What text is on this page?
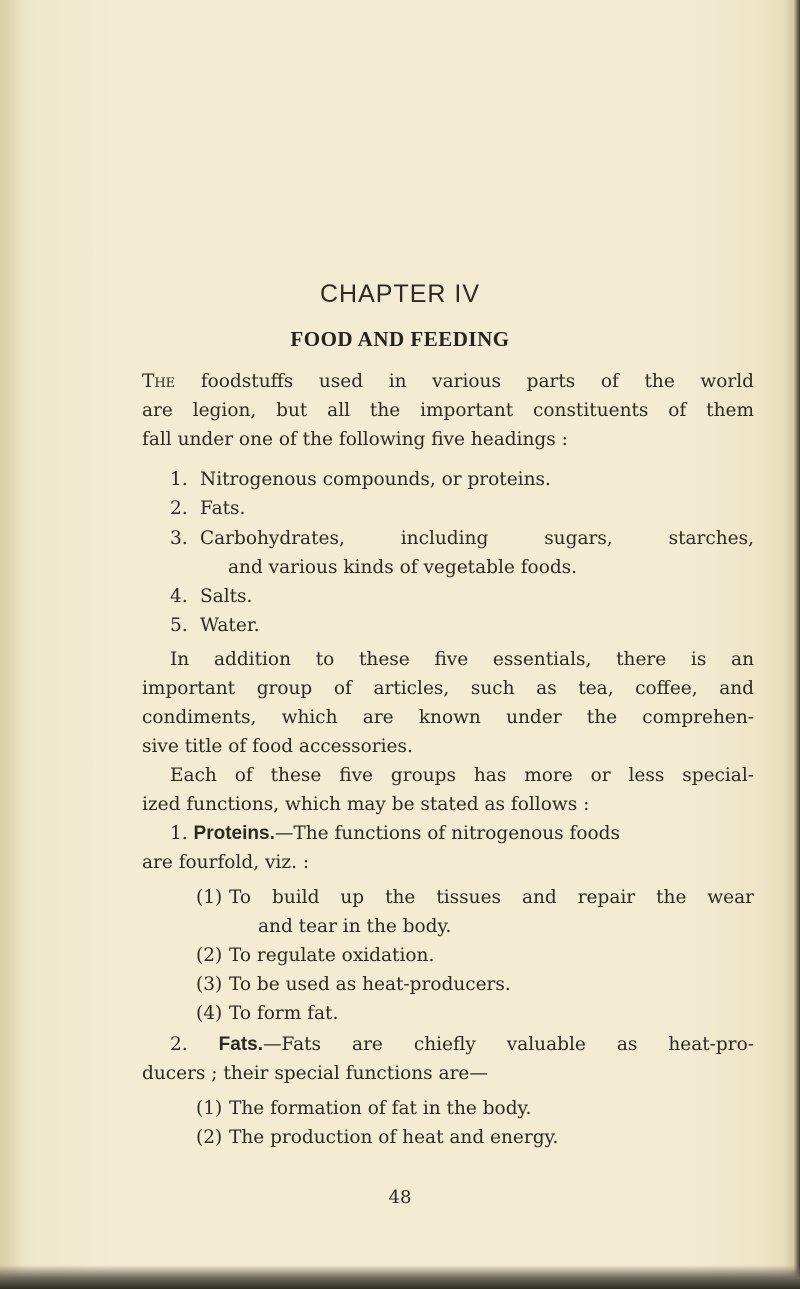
CHAPTER IV
FOOD AND FEEDING
The foodstuffs used in various parts of the world
are legion, but all the important constituents of them
fall under one of the following five headings :
1. Nitrogenous compounds, or proteins.
2. Fats.
3. Carbohydrates, including sugars, starches,
and various kinds of vegetable foods.
4. Salts.
5. Water.
In addition to these five essentials, there is an
important group of articles, such as tea, coffee, and
condiments, which are known under the comprehen-
sive title of food accessories.
Each of these five groups has more or less special-
ized functions, which may be stated as follows :
1. Proteins.—The functions of nitrogenous foods
are fourfold, viz. :
(1) To build up the tissues and repair the wear
and tear in the body.
(2) To regulate oxidation.
(3) To be used as heat-producers.
(4) To form fat.
2. Fats.—Fats are chiefly valuable as heat-pro-
ducers ; their special functions are—
(1) The formation of fat in the body.
(2) The production of heat and energy.
48
